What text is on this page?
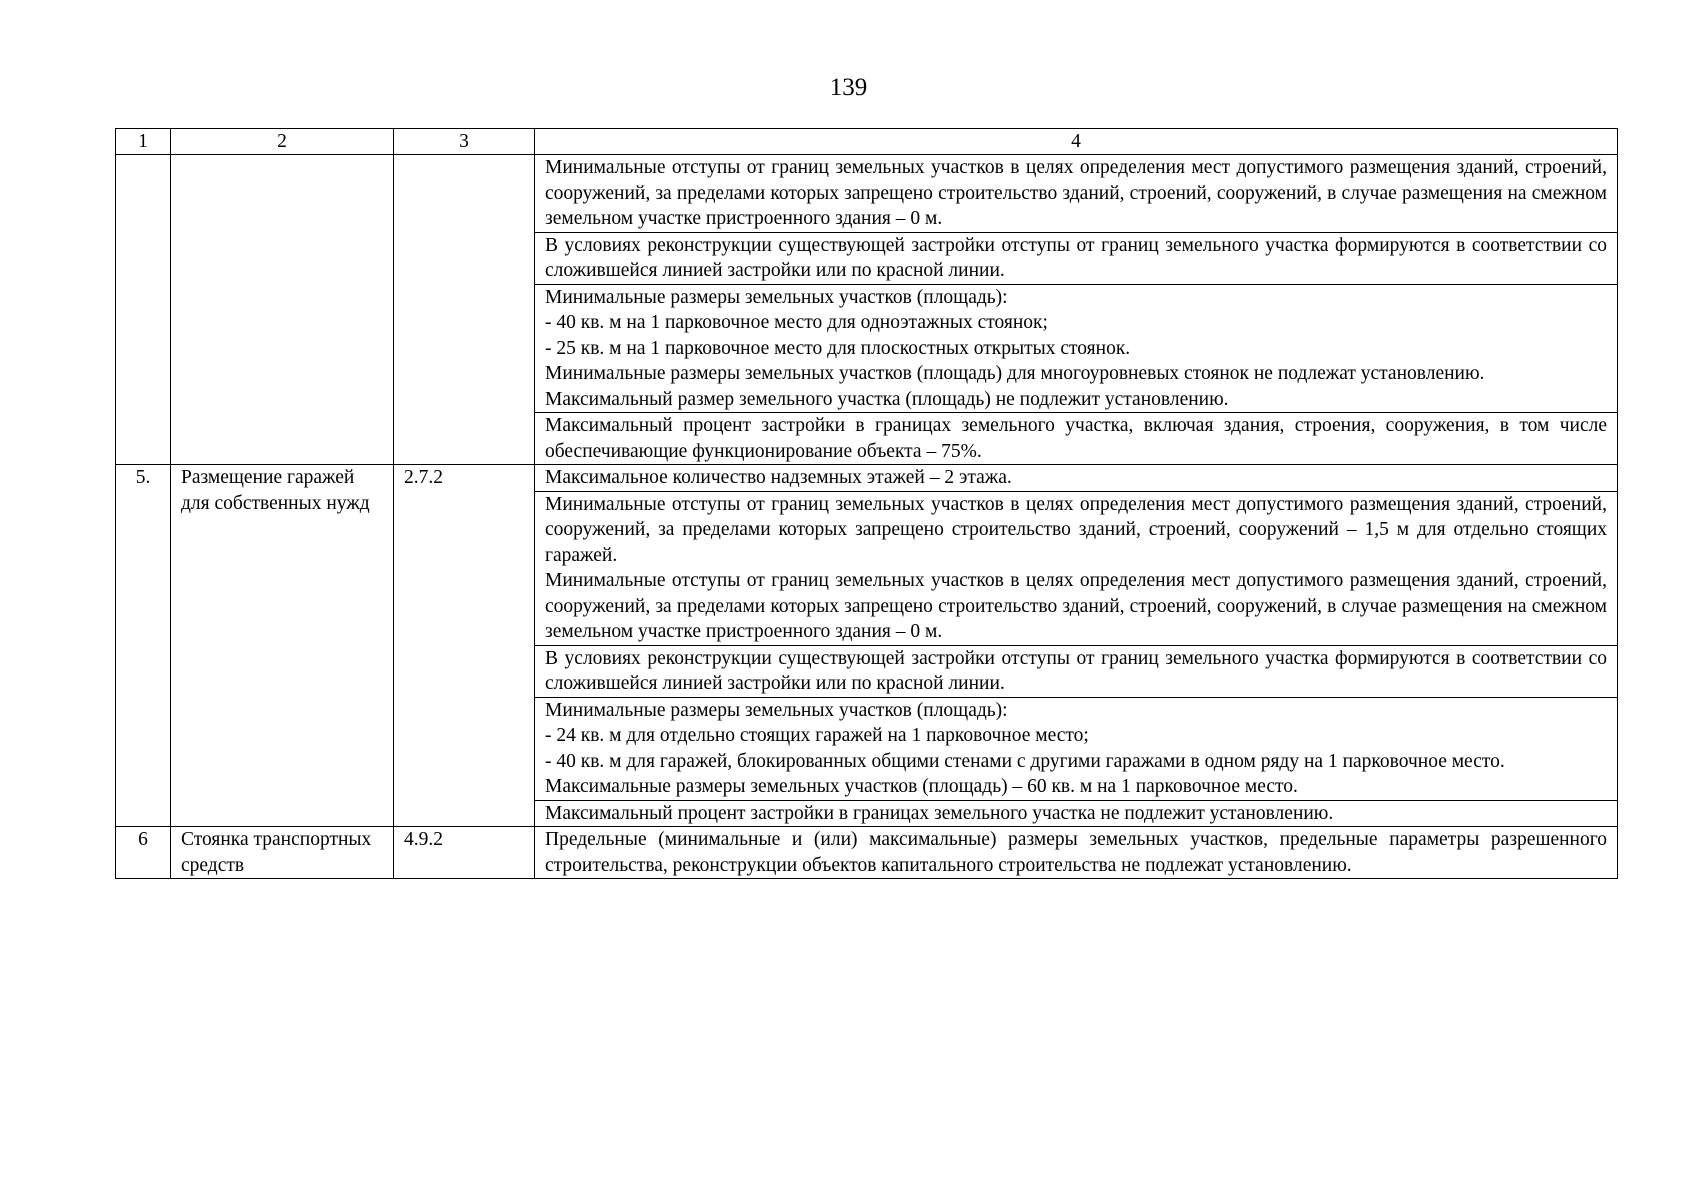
139
1	2	3	4

			Минимальные отступы от границ земельных участков в целях определения мест допустимого размещения зданий, строений, сооружений, за пределами которых запрещено строительство зданий, строений, сооружений, в случае размещения на смежном земельном участке пристроенного здания – 0 м.

			В условиях реконструкции существующей застройки отступы от границ земельного участка формируются в соответствии со сложившейся линией застройки или по красной линии.

			Минимальные размеры земельных участков (площадь):
- 40 кв. м на 1 парковочное место для одноэтажных стоянок;
- 25 кв. м на 1 парковочное место для плоскостных открытых стоянок.
Минимальные размеры земельных участков (площадь) для многоуровневых стоянок не подлежат установлению.
Максимальный размер земельного участка (площадь) не подлежит установлению.

			Максимальный процент застройки в границах земельного участка, включая здания, строения, сооружения, в том числе обеспечивающие функционирование объекта – 75%.

5.	Размещение гаражей для собственных нужд	2.7.2	Максимальное количество надземных этажей – 2 этажа.

			Минимальные отступы от границ земельных участков в целях определения мест допустимого размещения зданий, строений, сооружений, за пределами которых запрещено строительство зданий, строений, сооружений – 1,5 м для отдельно стоящих гаражей.
Минимальные отступы от границ земельных участков в целях определения мест допустимого размещения зданий, строений, сооружений, за пределами которых запрещено строительство зданий, строений, сооружений, в случае размещения на смежном земельном участке пристроенного здания – 0 м.

			В условиях реконструкции существующей застройки отступы от границ земельного участка формируются в соответствии со сложившейся линией застройки или по красной линии.

			Минимальные размеры земельных участков (площадь):
- 24 кв. м для отдельно стоящих гаражей на 1 парковочное место;
- 40 кв. м для гаражей, блокированных общими стенами с другими гаражами в одном ряду на 1 парковочное место.
Максимальные размеры земельных участков (площадь) – 60 кв. м на 1 парковочное место.

			Максимальный процент застройки в границах земельного участка не подлежит установлению.

6	Стоянка транспортных средств	4.9.2	Предельные (минимальные и (или) максимальные) размеры земельных участков, предельные параметры разрешенного строительства, реконструкции объектов капитального строительства не подлежат установлению.
